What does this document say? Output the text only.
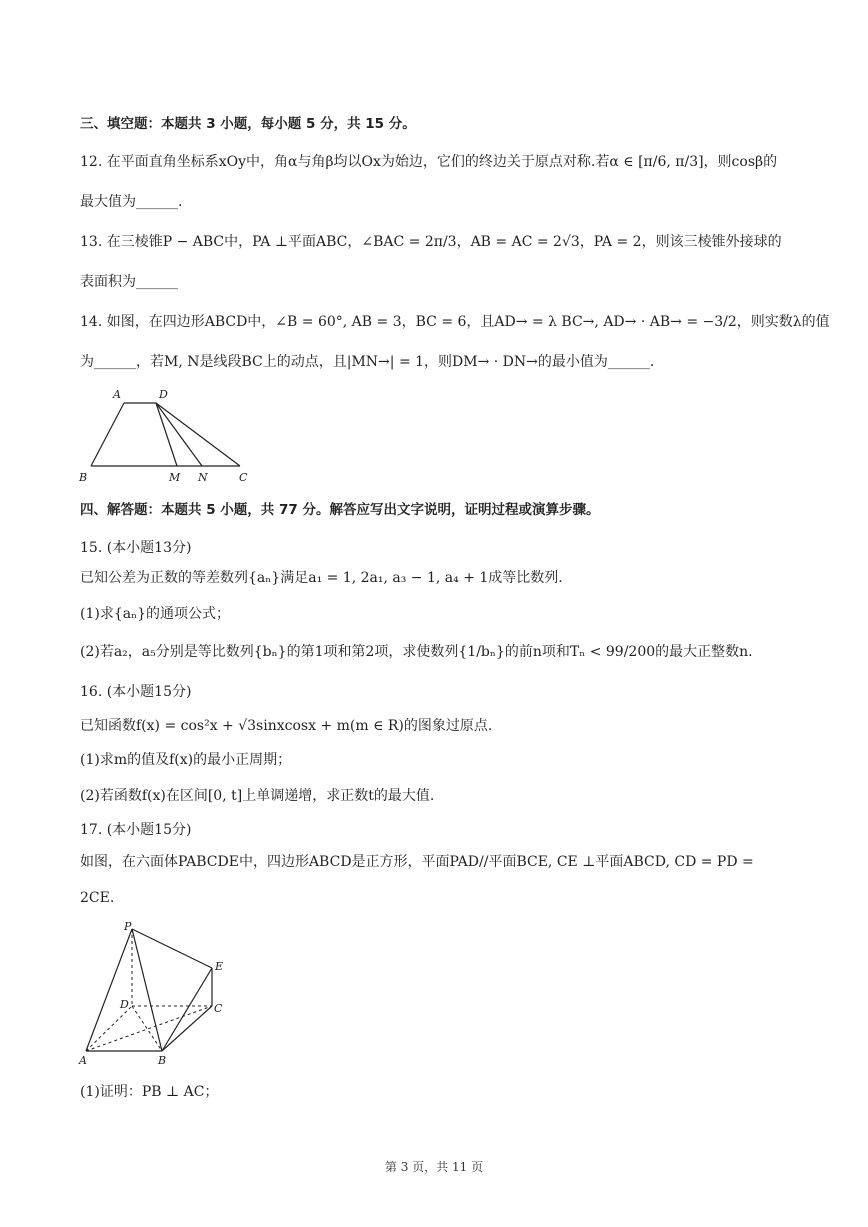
三、填空题：本题共 3 小题，每小题 5 分，共 15 分。
12. 在平面直角坐标系xOy中，角α与角β均以Ox为始边，它们的终边关于原点对称.若α ∈ [π/6, π/3]，则cosβ的
最大值为______.
13. 在三棱锥P − ABC中，PA ⊥平面ABC，∠BAC = 2π/3，AB = AC = 2√3，PA = 2，则该三棱锥外接球的
表面积为______
14. 如图，在四边形ABCD中，∠B = 60°, AB = 3，BC = 6，且AD→ = λ BC→, AD→ · AB→ = −3/2，则实数λ的值
为______，若M, N是线段BC上的动点，且|MN→| = 1，则DM→ · DN→的最小值为______.
A	D
B	M N	C
四、解答题：本题共 5 小题，共 77 分。解答应写出文字说明，证明过程或演算步骤。
15. (本小题13分)
已知公差为正数的等差数列{aₙ}满足a₁ = 1, 2a₁, a₃ − 1, a₄ + 1成等比数列.
(1)求{aₙ}的通项公式；
(2)若a₂，a₅分别是等比数列{bₙ}的第1项和第2项，求使数列{1/bₙ}的前n项和Tₙ < 99/200的最大正整数n.
16. (本小题15分)
已知函数f(x) = cos²x + √3sinxcosx + m(m ∈ R)的图象过原点.
(1)求m的值及f(x)的最小正周期；
(2)若函数f(x)在区间[0, t]上单调递增，求正数t的最大值.
17. (本小题15分)
如图，在六面体PABCDE中，四边形ABCD是正方形，平面PAD//平面BCE, CE ⊥平面ABCD, CD = PD =
2CE.
P
E
D	C
A	B
(1)证明：PB ⊥ AC；
第 3 页，共 11 页
